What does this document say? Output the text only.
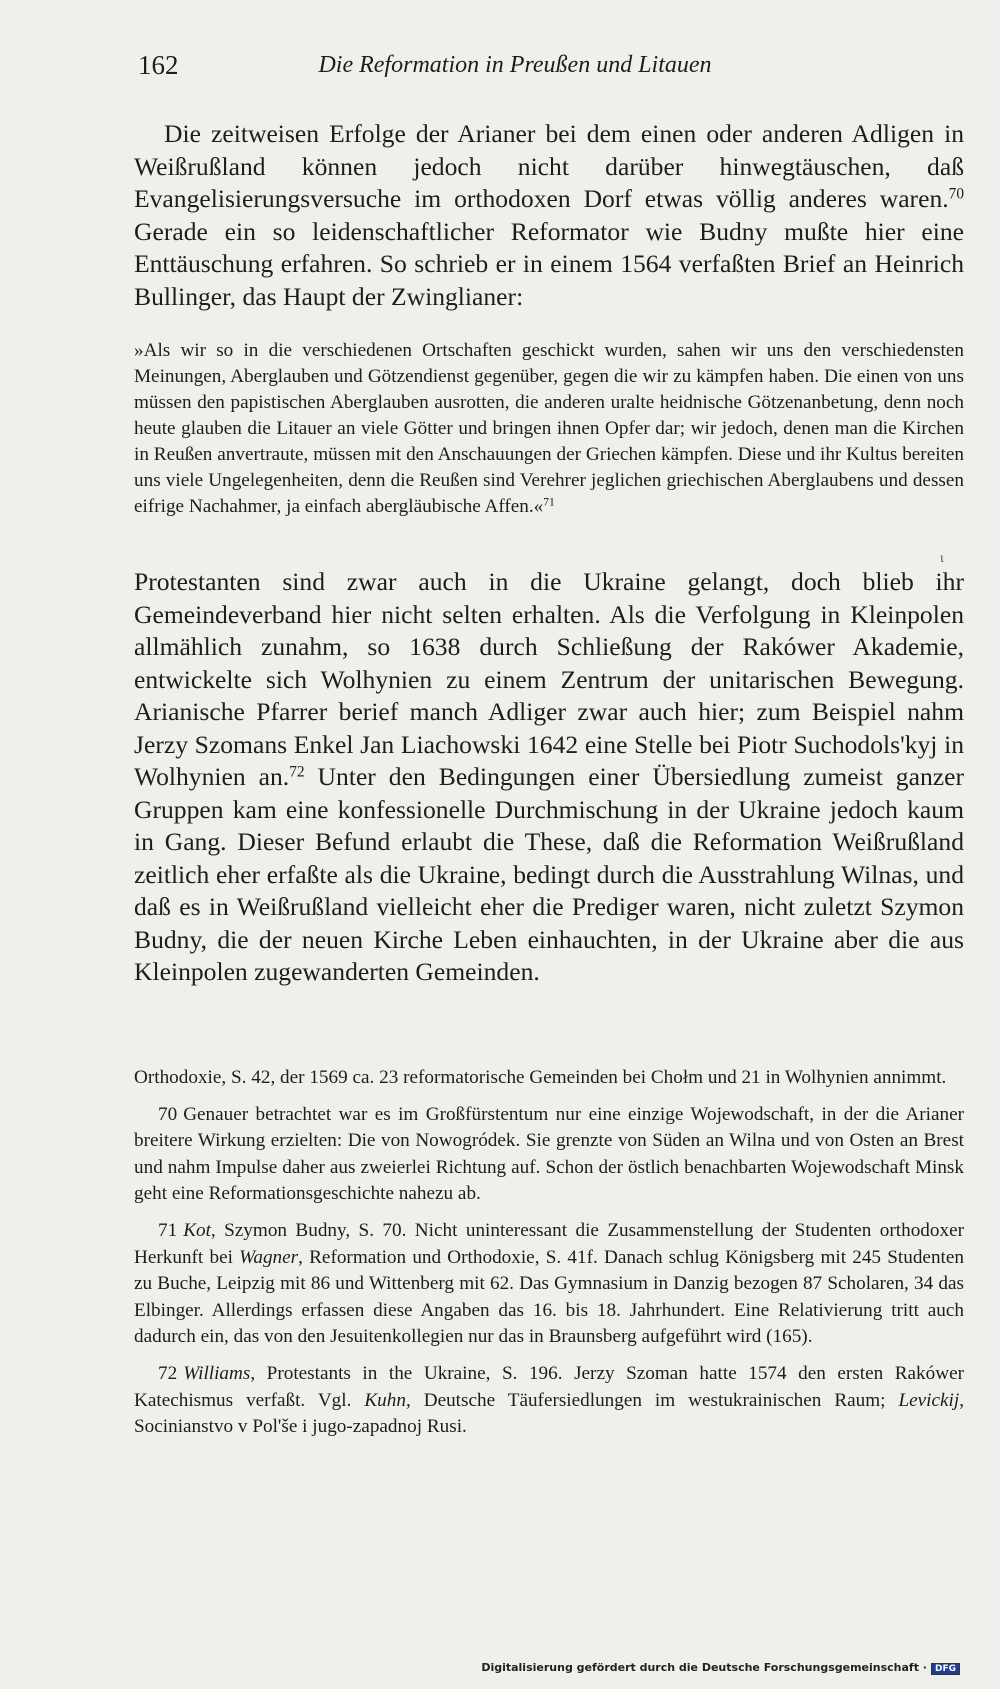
162	Die Reformation in Preußen und Litauen
Die zeitweisen Erfolge der Arianer bei dem einen oder anderen Adligen in Weißrußland können jedoch nicht darüber hinwegtäuschen, daß Evangelisierungsversuche im orthodoxen Dorf etwas völlig anderes waren.$^{70}$ Gerade ein so leidenschaftlicher Reformator wie Budny mußte hier eine Enttäuschung erfahren. So schrieb er in einem 1564 verfaßten Brief an Heinrich Bullinger, das Haupt der Zwinglianer:
»Als wir so in die verschiedenen Ortschaften geschickt wurden, sahen wir uns den verschiedensten Meinungen, Aberglauben und Götzendienst gegenüber, gegen die wir zu kämpfen haben. Die einen von uns müssen den papistischen Aberglauben ausrotten, die anderen uralte heidnische Götzenanbetung, denn noch heute glauben die Litauer an viele Götter und bringen ihnen Opfer dar; wir jedoch, denen man die Kirchen in Reußen anvertraute, müssen mit den Anschauungen der Griechen kämpfen. Diese und ihr Kultus bereiten uns viele Ungelegenheiten, denn die Reußen sind Verehrer jeglichen griechischen Aberglaubens und dessen eifrige Nachahmer, ja einfach abergläubische Affen.«$^{71}$
ι
Protestanten sind zwar auch in die Ukraine gelangt, doch blieb ihr Gemeindeverband hier nicht selten erhalten. Als die Verfolgung in Kleinpolen allmählich zunahm, so 1638 durch Schließung der Rakówer Akademie, entwickelte sich Wolhynien zu einem Zentrum der unitarischen Bewegung. Arianische Pfarrer berief manch Adliger zwar auch hier; zum Beispiel nahm Jerzy Szomans Enkel Jan Liachowski 1642 eine Stelle bei Piotr Suchodols'kyj in Wolhynien an.$^{72}$ Unter den Bedingungen einer Übersiedlung zumeist ganzer Gruppen kam eine konfessionelle Durchmischung in der Ukraine jedoch kaum in Gang. Dieser Befund erlaubt die These, daß die Reformation Weißrußland zeitlich eher erfaßte als die Ukraine, bedingt durch die Ausstrahlung Wilnas, und daß es in Weißrußland vielleicht eher die Prediger waren, nicht zuletzt Szymon Budny, die der neuen Kirche Leben einhauchten, in der Ukraine aber die aus Kleinpolen zugewanderten Gemeinden.

Orthodoxie, S. 42, der 1569 ca. 23 reformatorische Gemeinden bei Chołm und 21 in Wolhynien annimmt.

70 Genauer betrachtet war es im Großfürstentum nur eine einzige Wojewodschaft, in der die Arianer breitere Wirkung erzielten: Die von Nowogródek. Sie grenzte von Süden an Wilna und von Osten an Brest und nahm Impulse daher aus zweierlei Richtung auf. Schon der östlich benachbarten Wojewodschaft Minsk geht eine Reformationsgeschichte nahezu ab.

71 Kot, Szymon Budny, S. 70. Nicht uninteressant die Zusammenstellung der Studenten orthodoxer Herkunft bei Wagner, Reformation und Orthodoxie, S. 41f. Danach schlug Königsberg mit 245 Studenten zu Buche, Leipzig mit 86 und Wittenberg mit 62. Das Gymnasium in Danzig bezogen 87 Scholaren, 34 das Elbinger. Allerdings erfassen diese Angaben das 16. bis 18. Jahrhundert. Eine Relativierung tritt auch dadurch ein, das von den Jesuitenkollegien nur das in Braunsberg aufgeführt wird (165).

72 Williams, Protestants in the Ukraine, S. 196. Jerzy Szoman hatte 1574 den ersten Rakówer Katechismus verfaßt. Vgl. Kuhn, Deutsche Täufersiedlungen im westukrainischen Raum; Levickij, Socinianstvo v Pol'še i jugo-zapadnoj Rusi.

Digitalisierung gefördert durch die Deutsche Forschungsgemeinschaft · DFG
